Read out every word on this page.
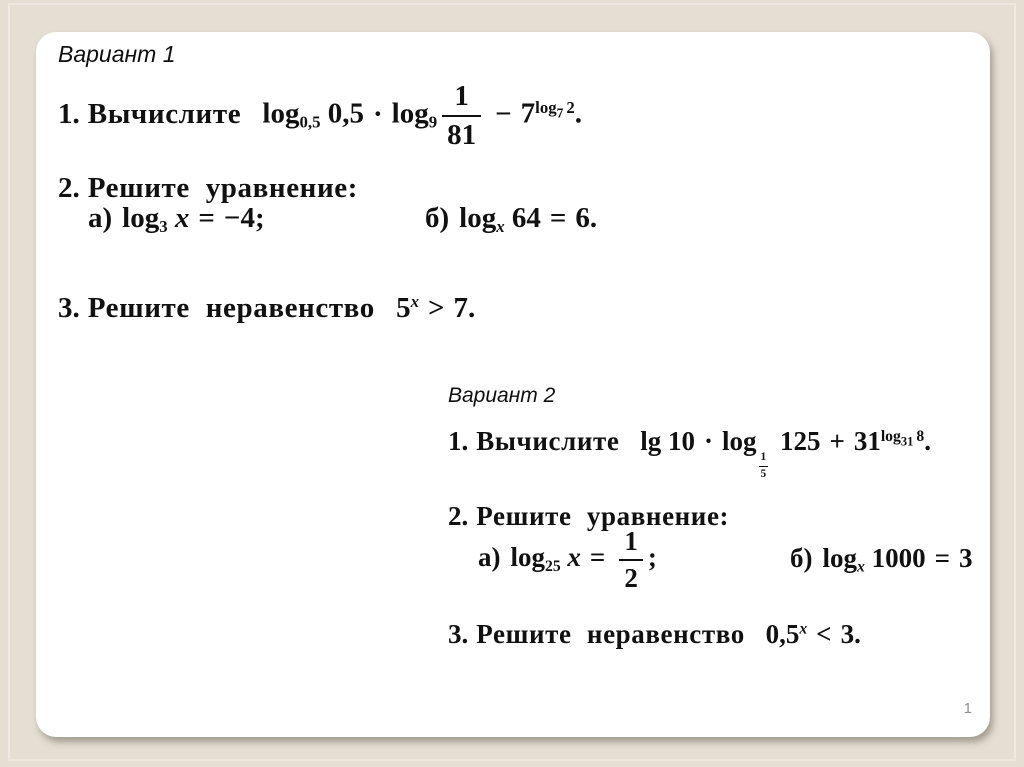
Вариант 1
1. Вычислите log0,5 $0,5 \cdot \log 9 \frac{1}{81} - 7^{log_7 2}$.
2. Решите уравнение:
а) log3 x = −4;	б) logx 64 = 6.
3. Решите неравенство $5^x > 7$.
Вариант 2
1. Вычислите lg 10 · log
$\frac{1}{5}$
$125 + 31^{log_{31} 8}$.
2. Решите уравнение:
а) log25 $x = \frac{1}{2}$ ;	б) logx 1000 = 3
3. Решите неравенство $0,5^x < 3$.
1
